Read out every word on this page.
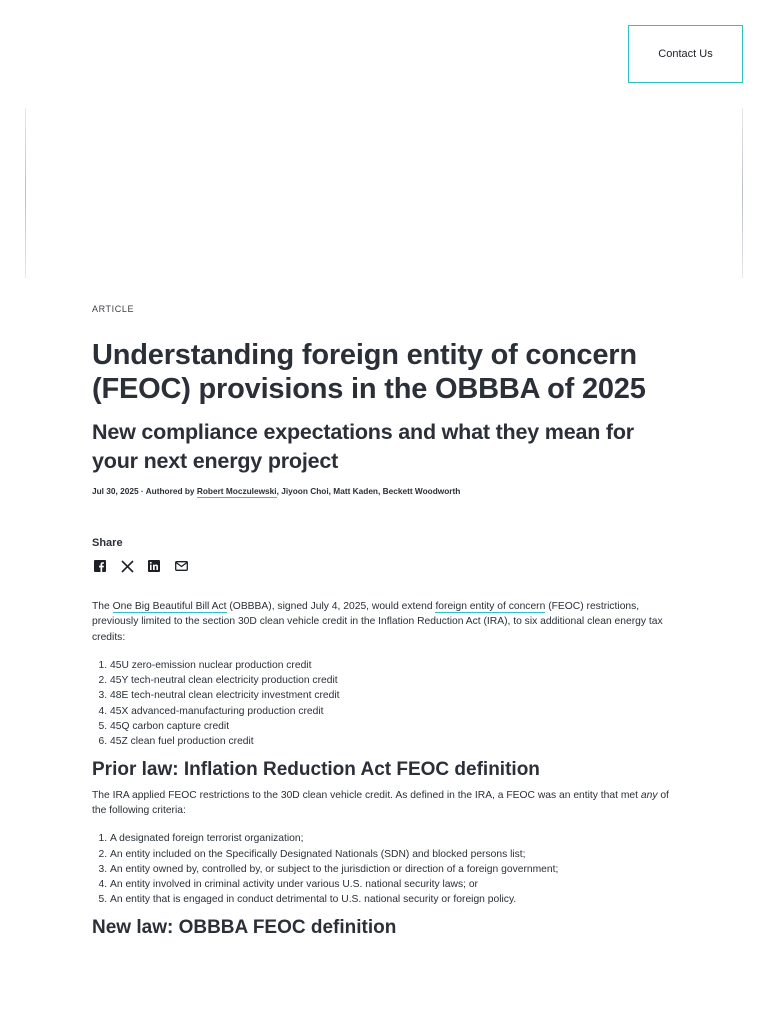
Contact Us
ARTICLE
Understanding foreign entity of concern (FEOC) provisions in the OBBBA of 2025
New compliance expectations and what they mean for your next energy project
Jul 30, 2025 · Authored by Robert Moczulewski, Jiyoon Choi, Matt Kaden, Beckett Woodworth
Share

The One Big Beautiful Bill Act (OBBBA), signed July 4, 2025, would extend foreign entity of concern (FEOC) restrictions, previously limited to the section 30D clean vehicle credit in the Inflation Reduction Act (IRA), to six additional clean energy tax credits:

1. 45U zero-emission nuclear production credit
2. 45Y tech-neutral clean electricity production credit
3. 48E tech-neutral clean electricity investment credit
4. 45X advanced-manufacturing production credit
5. 45Q carbon capture credit
6. 45Z clean fuel production credit
Prior law: Inflation Reduction Act FEOC definition

The IRA applied FEOC restrictions to the 30D clean vehicle credit. As defined in the IRA, a FEOC was an entity that met any of the following criteria:

1. A designated foreign terrorist organization;
2. An entity included on the Specifically Designated Nationals (SDN) and blocked persons list;
3. An entity owned by, controlled by, or subject to the jurisdiction or direction of a foreign government;
4. An entity involved in criminal activity under various U.S. national security laws; or
5. An entity that is engaged in conduct detrimental to U.S. national security or foreign policy.
New law: OBBBA FEOC definition
